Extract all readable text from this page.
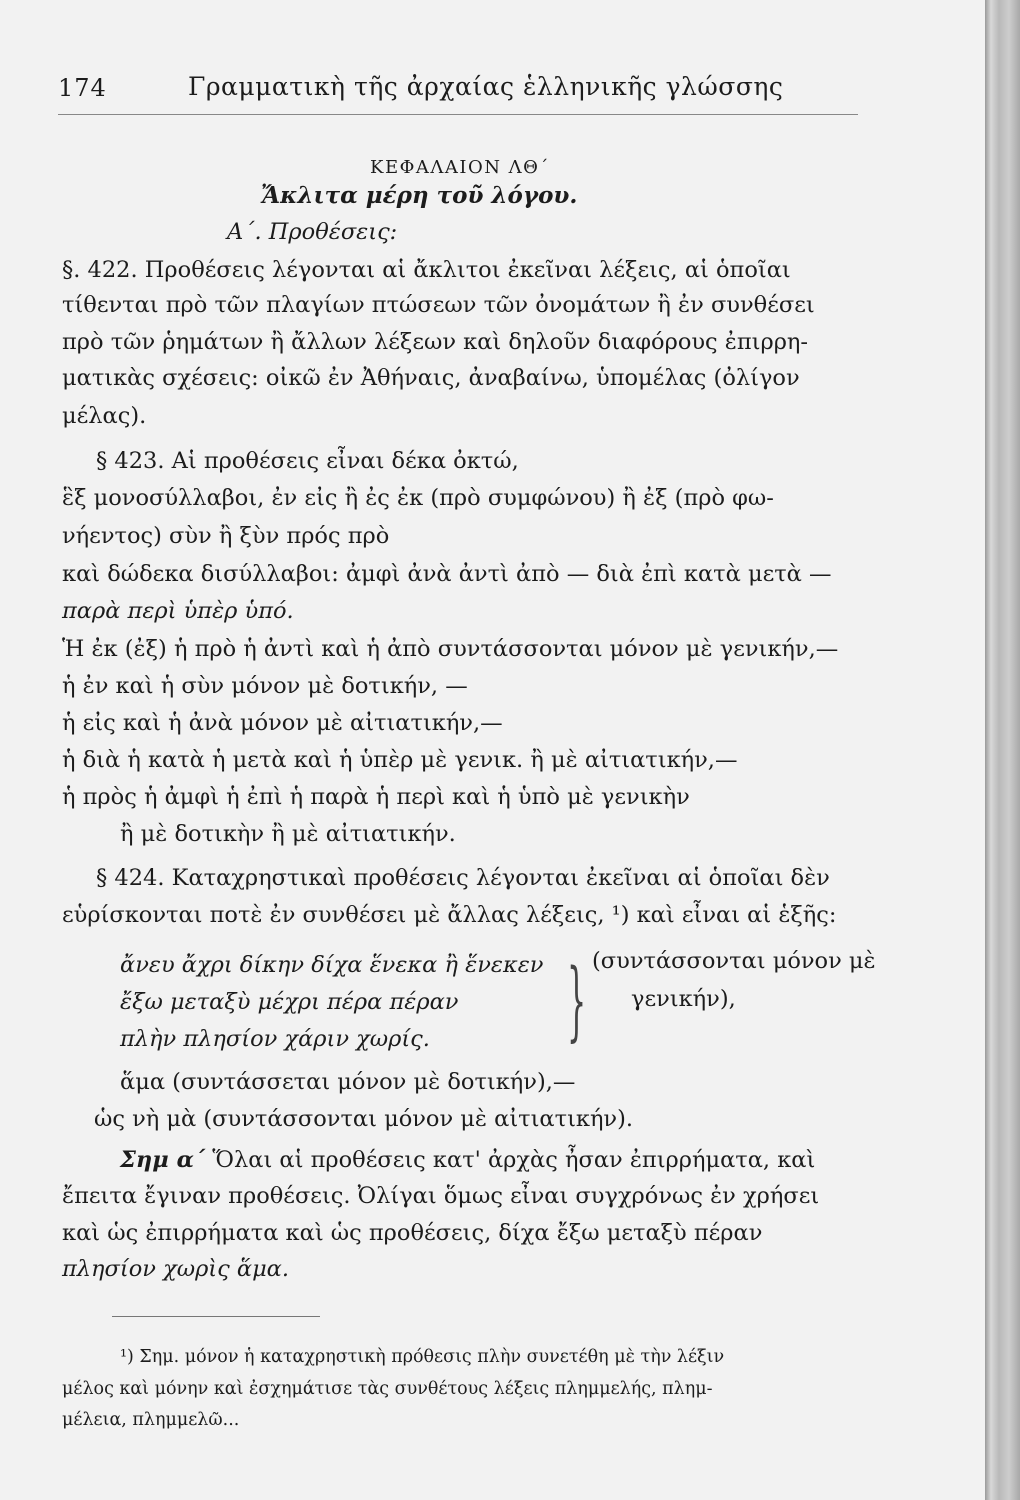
174	Γραμματικὴ τῆς ἀρχαίας ἑλληνικῆς γλώσσης
ΚΕΦΑΛΑΙΟΝ ΛΘ΄
Ἄκλιτα μέρη τοῦ λόγου.
Α΄. Προθέσεις:
§. 422. Προθέσεις λέγονται αἱ ἄκλιτοι ἐκεῖναι λέξεις, αἱ ὁποῖαι
τίθενται πρὸ τῶν πλαγίων πτώσεων τῶν ὀνομάτων ἢ ἐν συνθέσει
πρὸ τῶν ῥημάτων ἢ ἄλλων λέξεων καὶ δηλοῦν διαφόρους ἐπιρρη-
ματικὰς σχέσεις: οἰκῶ ἐν Ἀθήναις, ἀναβαίνω, ὑπομέλας (ὀλίγον
μέλας).
§ 423. Αἱ προθέσεις εἶναι δέκα ὀκτώ,
ἓξ μονοσύλλαβοι, ἐν εἰς ἢ ἐς ἐκ (πρὸ συμφώνου) ἢ ἐξ (πρὸ φω-
νήεντος) σὺν ἢ ξὺν πρός πρὸ
καὶ δώδεκα δισύλλαβοι: ἀμφὶ ἀνὰ ἀντὶ ἀπὸ — διὰ ἐπὶ κατὰ μετὰ —
παρὰ περὶ ὑπὲρ ὑπό.
Ἡ ἐκ (ἐξ) ἡ πρὸ ἡ ἀντὶ καὶ ἡ ἀπὸ συντάσσονται μόνον μὲ γενικήν,—
ἡ ἐν καὶ ἡ σὺν μόνον μὲ δοτικήν, —
ἡ εἰς καὶ ἡ ἀνὰ μόνον μὲ αἰτιατικήν,—
ἡ διὰ ἡ κατὰ ἡ μετὰ καὶ ἡ ὑπὲρ μὲ γενικ. ἢ μὲ αἰτιατικήν,—
ἡ πρὸς ἡ ἀμφὶ ἡ ἐπὶ ἡ παρὰ ἡ περὶ καὶ ἡ ὑπὸ μὲ γενικὴν
ἢ μὲ δοτικὴν ἢ μὲ αἰτιατικήν.
§ 424. Καταχρηστικαὶ προθέσεις λέγονται ἐκεῖναι αἱ ὁποῖαι δὲν
εὑρίσκονται ποτὲ ἐν συνθέσει μὲ ἄλλας λέξεις, ¹) καὶ εἶναι αἱ ἑξῆς:
ἄνευ ἄχρι δίκην δίχα ἕνεκα ἢ ἕνεκεν
ἔξω μεταξὺ μέχρι πέρα πέραν
πλὴν πλησίον χάριν χωρίς. } (συντάσσονται μόνον μὲ
γενικήν),
ἅμα (συντάσσεται μόνον μὲ δοτικήν),—
ὡς νὴ μὰ (συντάσσονται μόνον μὲ αἰτιατικήν).
Σημ α΄ Ὅλαι αἱ προθέσεις κατ' ἀρχὰς ἦσαν ἐπιρρήματα, καὶ
ἔπειτα ἔγιναν προθέσεις. Ὀλίγαι ὅμως εἶναι συγχρόνως ἐν χρήσει
καὶ ὡς ἐπιρρήματα καὶ ὡς προθέσεις, δίχα ἔξω μεταξὺ πέραν
πλησίον χωρὶς ἅμα.
¹) Σημ. μόνον ἡ καταχρηστικὴ πρόθεσις πλὴν συνετέθη μὲ τὴν λέξιν
μέλος καὶ μόνην καὶ ἐσχημάτισε τὰς συνθέτους λέξεις πλημμελής, πλημ-
μέλεια, πλημμελῶ...
